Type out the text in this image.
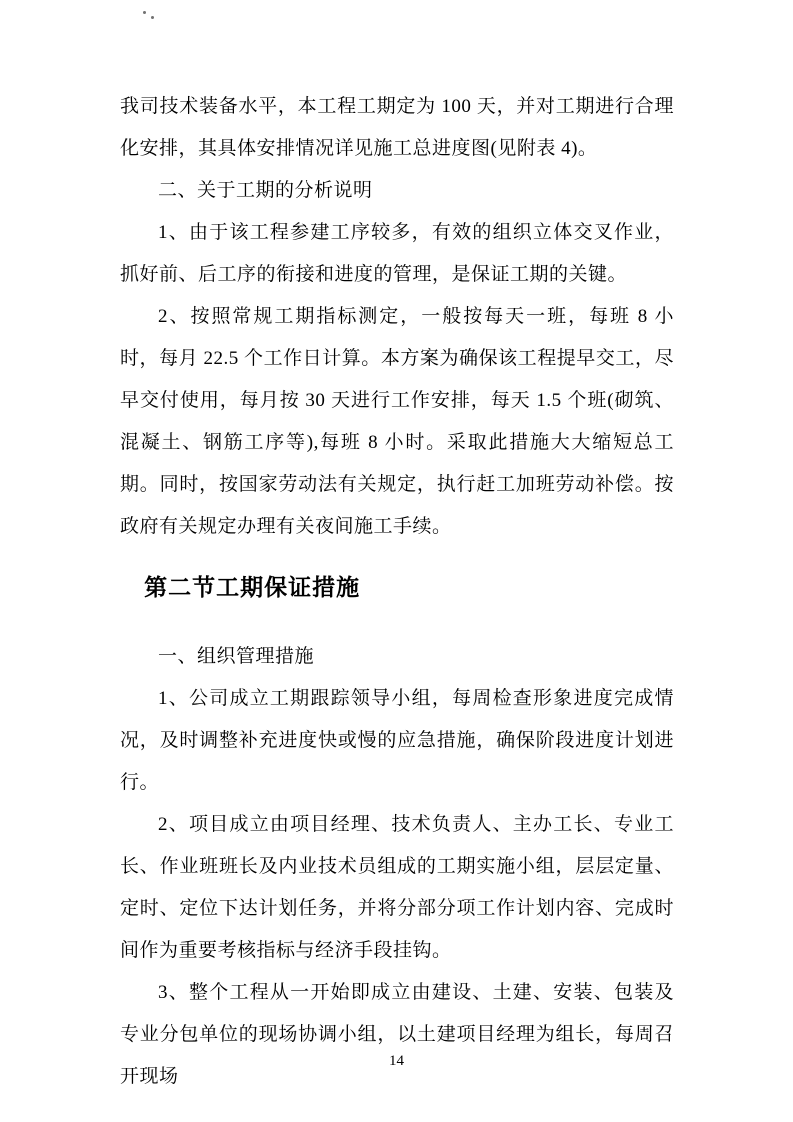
我司技术装备水平，本工程工期定为 100 天，并对工期进行合理化安排，其具体安排情况详见施工总进度图(见附表 4)。

二、关于工期的分析说明

1、由于该工程参建工序较多，有效的组织立体交叉作业，抓好前、后工序的衔接和进度的管理，是保证工期的关键。

2、按照常规工期指标测定，一般按每天一班，每班 8 小时，每月 22.5 个工作日计算。本方案为确保该工程提早交工，尽早交付使用，每月按 30 天进行工作安排，每天 1.5 个班(砌筑、混凝土、钢筋工序等),每班 8 小时。采取此措施大大缩短总工期。同时，按国家劳动法有关规定，执行赶工加班劳动补偿。按政府有关规定办理有关夜间施工手续。

第二节工期保证措施

一、组织管理措施

1、公司成立工期跟踪领导小组，每周检查形象进度完成情况，及时调整补充进度快或慢的应急措施，确保阶段进度计划进行。

2、项目成立由项目经理、技术负责人、主办工长、专业工长、作业班班长及内业技术员组成的工期实施小组，层层定量、定时、定位下达计划任务，并将分部分项工作计划内容、完成时间作为重要考核指标与经济手段挂钩。

3、整个工程从一开始即成立由建设、土建、安装、包装及专业分包单位的现场协调小组，以土建项目经理为组长，每周召开现场

14
